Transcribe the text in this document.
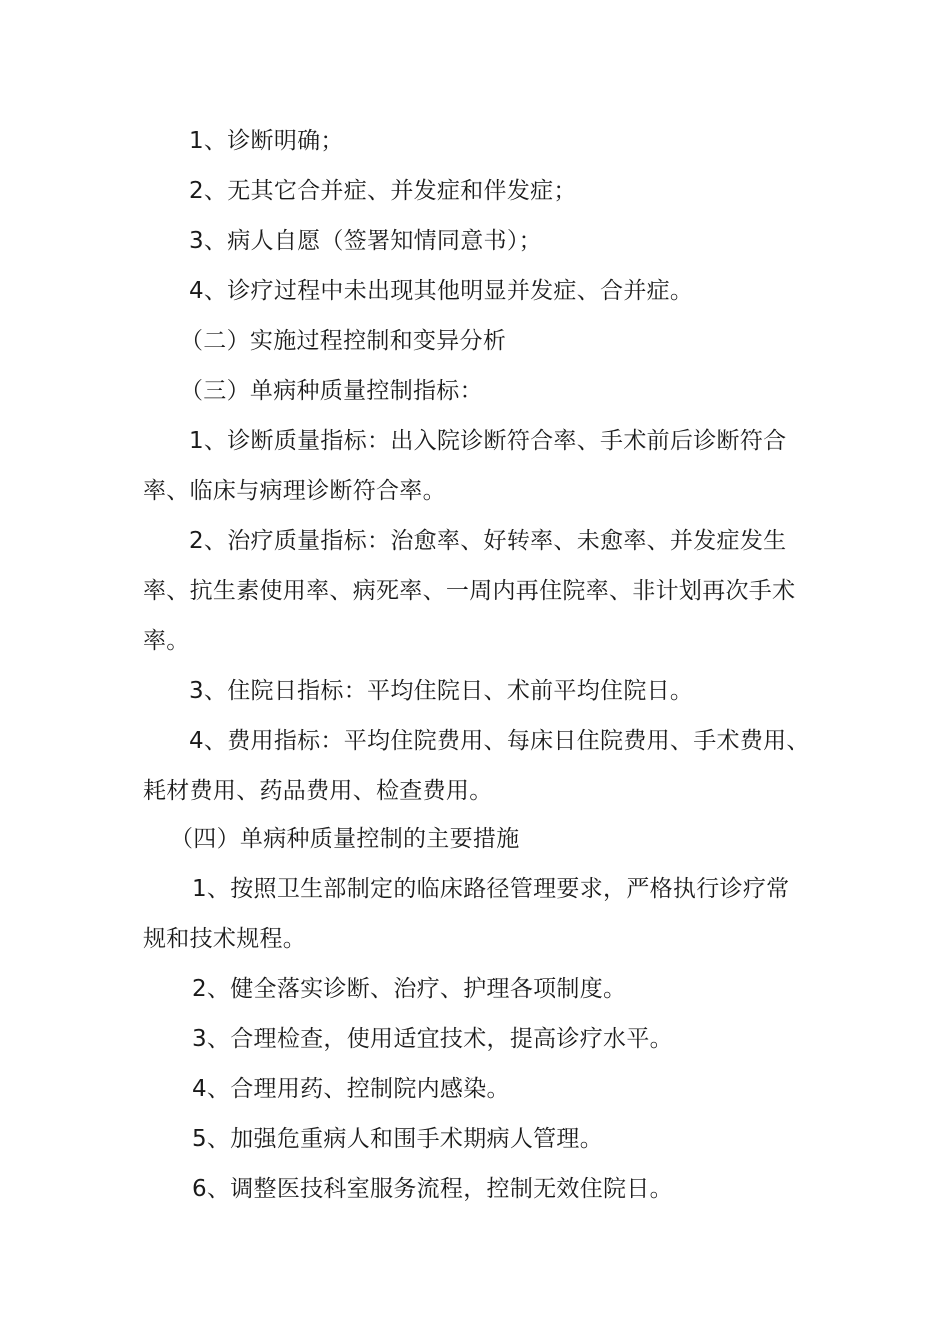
1、诊断明确；
2、无其它合并症、并发症和伴发症；
3、病人自愿（签署知情同意书）；
4、诊疗过程中未出现其他明显并发症、合并症。
（二）实施过程控制和变异分析
（三）单病种质量控制指标：
1、诊断质量指标：出入院诊断符合率、手术前后诊断符合
率、临床与病理诊断符合率。
2、治疗质量指标：治愈率、好转率、未愈率、并发症发生
率、抗生素使用率、病死率、一周内再住院率、非计划再次手术
率。
3、住院日指标：平均住院日、术前平均住院日。
4、费用指标：平均住院费用、每床日住院费用、手术费用、
耗材费用、药品费用、检查费用。
（四）单病种质量控制的主要措施
1、按照卫生部制定的临床路径管理要求，严格执行诊疗常
规和技术规程。
2、健全落实诊断、治疗、护理各项制度。
3、合理检查，使用适宜技术，提高诊疗水平。
4、合理用药、控制院内感染。
5、加强危重病人和围手术期病人管理。
6、调整医技科室服务流程，控制无效住院日。
